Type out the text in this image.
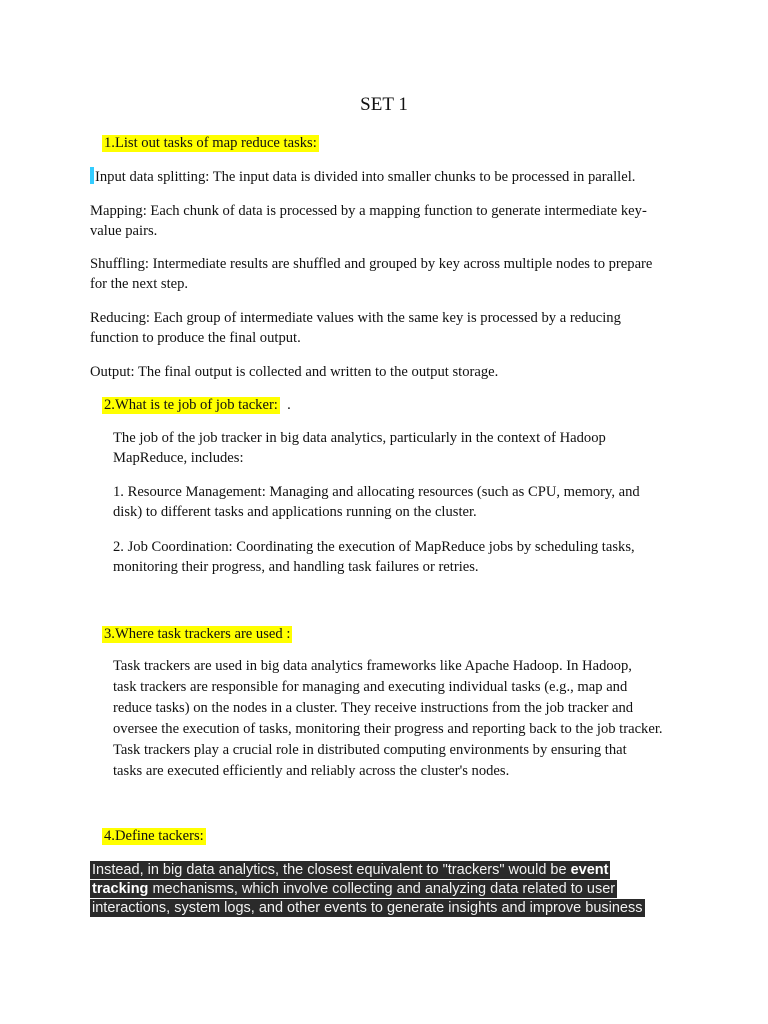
SET 1
1.List out tasks of map reduce tasks:
Input data splitting: The input data is divided into smaller chunks to be processed in parallel.
Mapping: Each chunk of data is processed by a mapping function to generate intermediate key-
value pairs.
Shuffling: Intermediate results are shuffled and grouped by key across multiple nodes to prepare
for the next step.
Reducing: Each group of intermediate values with the same key is processed by a reducing
function to produce the final output.
Output: The final output is collected and written to the output storage.
2.What is te job of job tacker: .
The job of the job tracker in big data analytics, particularly in the context of Hadoop
MapReduce, includes:
1. Resource Management: Managing and allocating resources (such as CPU, memory, and
disk) to different tasks and applications running on the cluster.
2. Job Coordination: Coordinating the execution of MapReduce jobs by scheduling tasks,
monitoring their progress, and handling task failures or retries.
3.Where task trackers are used :
Task trackers are used in big data analytics frameworks like Apache Hadoop. In Hadoop,
task trackers are responsible for managing and executing individual tasks (e.g., map and
reduce tasks) on the nodes in a cluster. They receive instructions from the job tracker and
oversee the execution of tasks, monitoring their progress and reporting back to the job tracker.
Task trackers play a crucial role in distributed computing environments by ensuring that
tasks are executed efficiently and reliably across the cluster's nodes.
4.Define tackers:
Instead, in big data analytics, the closest equivalent to "trackers" would be event
tracking mechanisms, which involve collecting and analyzing data related to user
interactions, system logs, and other events to generate insights and improve business
